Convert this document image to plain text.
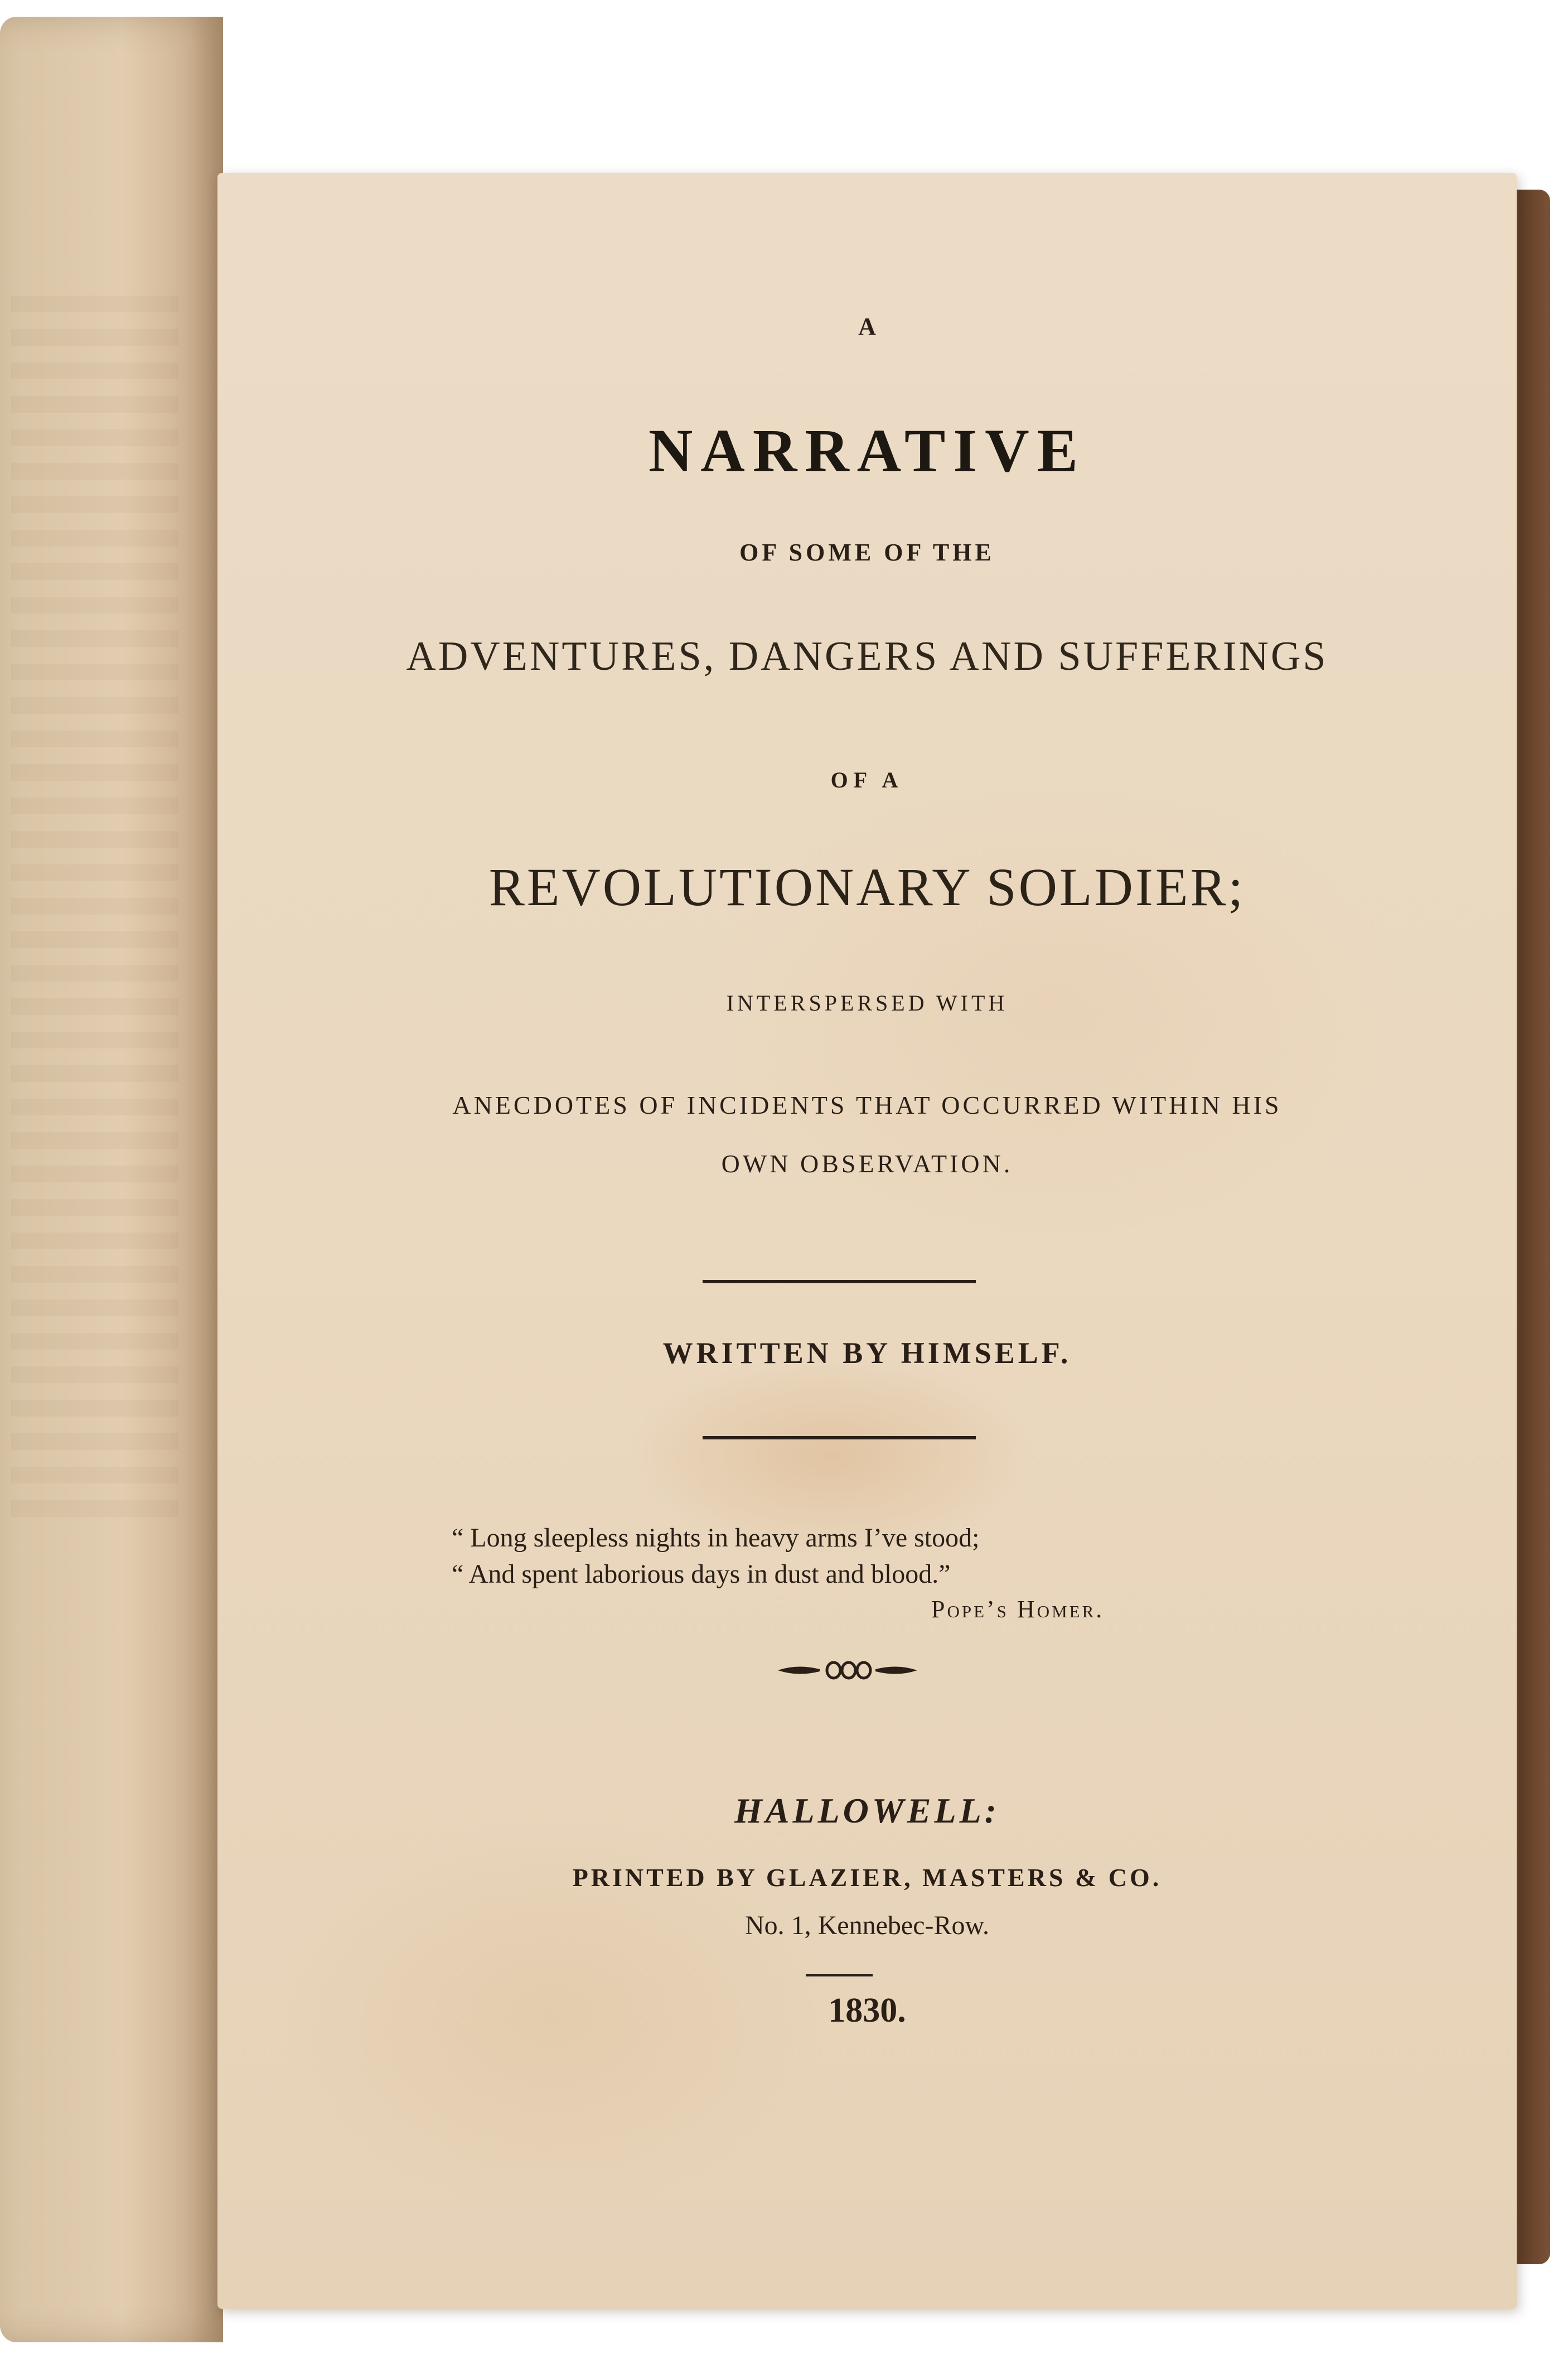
A
NARRATIVE
OF SOME OF THE
ADVENTURES, DANGERS AND SUFFERINGS
OF A
REVOLUTIONARY SOLDIER;
INTERSPERSED WITH
ANECDOTES OF INCIDENTS THAT OCCURRED WITHIN HIS
OWN OBSERVATION.
WRITTEN BY HIMSELF.
“ Long sleepless nights in heavy arms I’ve stood;
“ And spent laborious days in dust and blood.”
Pope’s Homer.
HALLOWELL:
PRINTED BY GLAZIER, MASTERS & CO.
No. 1, Kennebec-Row.
1830.
